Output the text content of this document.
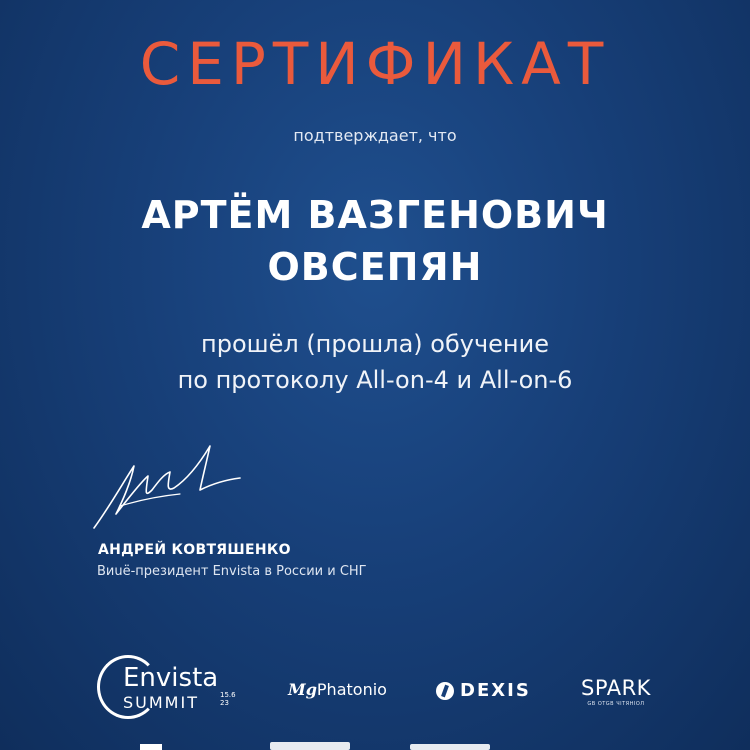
СЕРТИФИКАТ
подтверждает, что
АРТЁМ ВАЗГЕНОВИЧ
ОВСЕПЯН
прошёл (прошла) обучение
по протоколу All-on-4 и All-on-6
АНДРЕЙ КОВТЯШЕНКО
Виuё-президент Envista в России и СНГ
Envista
SUMMIT	15.6 23
MgPhatonio	DEXIS	SPARK
GB OTGB ЧIТЯHIOЛ
